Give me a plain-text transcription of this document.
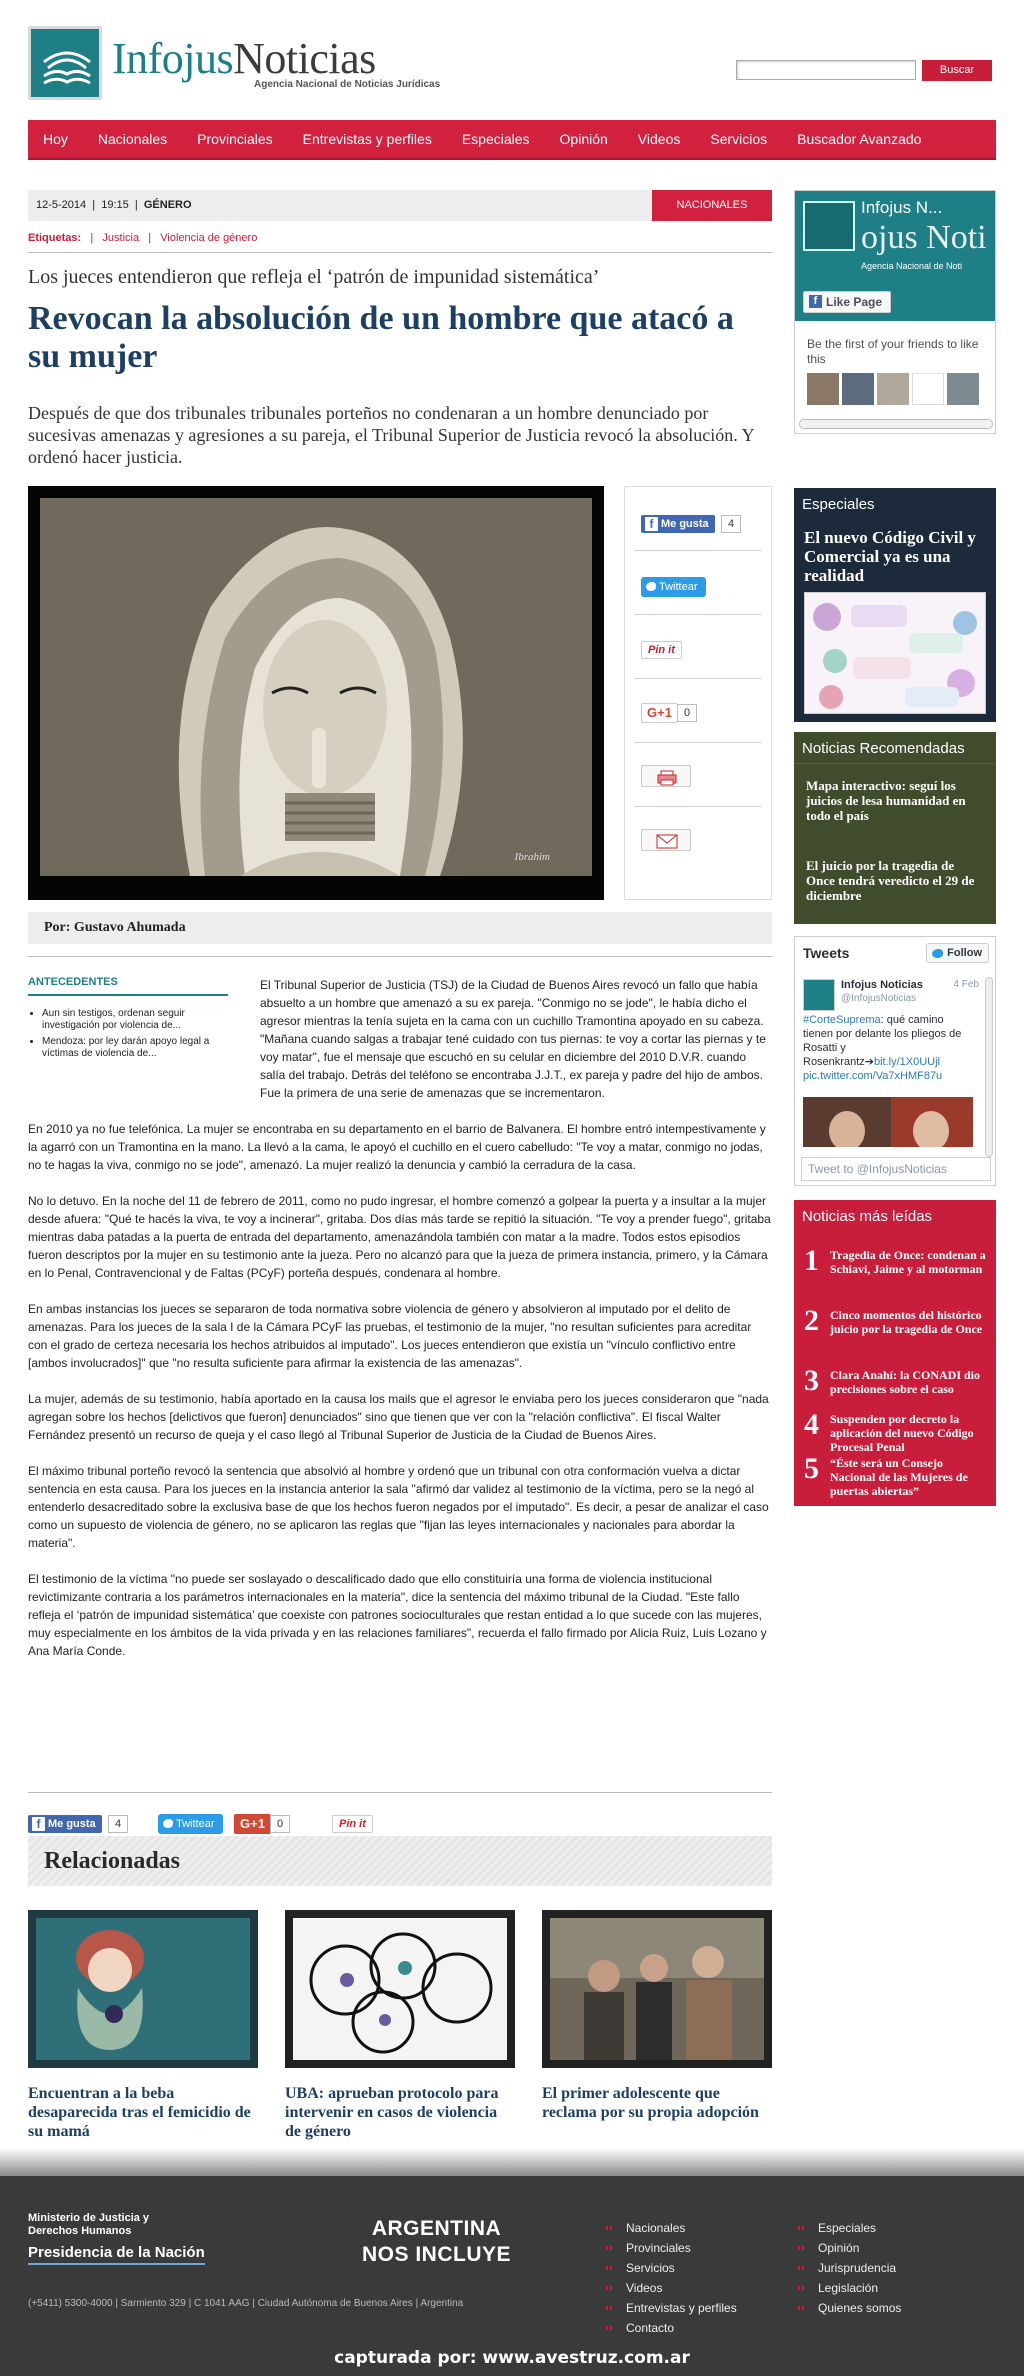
InfojusNoticias
Agencia Nacional de Noticias Jurídicas
Buscar
Hoy	Nacionales	Provinciales	Entrevistas y perfiles	Especiales	Opinión	Videos	Servicios	Buscador Avanzado
12-5-2014  |  19:15  |  GÉNERO	NACIONALES
Etiquetas:   |   Justicia   |   Violencia de género
Los jueces entendieron que refleja el ‘patrón de impunidad sistemática’
Revocan la absolución de un hombre que atacó a su mujer
Después de que dos tribunales tribunales porteños no condenaran a un hombre denunciado por sucesivas amenazas y agresiones a su pareja, el Tribunal Superior de Justicia revocó la absolución. Y ordenó hacer justicia.
Ibrahim
f Me gusta	4
Twittear
Pin it
G+1	0
Por: Gustavo Ahumada
ANTECEDENTES
• Aun sin testigos, ordenan seguir investigación por violencia de...
• Mendoza: por ley darán apoyo legal a víctimas de violencia de...

El Tribunal Superior de Justicia (TSJ) de la Ciudad de Buenos Aires revocó un fallo que había absuelto a un hombre que amenazó a su ex pareja. "Conmigo no se jode", le había dicho el agresor mientras la tenía sujeta en la cama con un cuchillo Tramontina apoyado en su cabeza. "Mañana cuando salgas a trabajar tené cuidado con tus piernas: te voy a cortar las piernas y te voy matar", fue el mensaje que escuchó en su celular en diciembre del 2010 D.V.R. cuando salía del trabajo. Detrás del teléfono se encontraba J.J.T., ex pareja y padre del hijo de ambos. Fue la primera de una serie de amenazas que se incrementaron.

En 2010 ya no fue telefónica. La mujer se encontraba en su departamento en el barrio de Balvanera. El hombre entró intempestivamente y la agarró con un Tramontina en la mano. La llevó a la cama, le apoyó el cuchillo en el cuero cabelludo: "Te voy a matar, conmigo no jodas, no te hagas la viva, conmigo no se jode", amenazó. La mujer realizó la denuncia y cambió la cerradura de la casa.

No lo detuvo. En la noche del 11 de febrero de 2011, como no pudo ingresar, el hombre comenzó a golpear la puerta y a insultar a la mujer desde afuera: "Qué te hacés la viva, te voy a incinerar", gritaba. Dos días más tarde se repitió la situación. "Te voy a prender fuego", gritaba mientras daba patadas a la puerta de entrada del departamento, amenazándola también con matar a la madre. Todos estos episodios fueron descriptos por la mujer en su testimonio ante la jueza. Pero no alcanzó para que la jueza de primera instancia, primero, y la Cámara en lo Penal, Contravencional y de Faltas (PCyF) porteña después, condenara al hombre.

En ambas instancias los jueces se separaron de toda normativa sobre violencia de género y absolvieron al imputado por el delito de amenazas. Para los jueces de la sala I de la Cámara PCyF las pruebas, el testimonio de la mujer, "no resultan suficientes para acreditar con el grado de certeza necesaria los hechos atribuidos al imputado". Los jueces entendieron que existía un "vínculo conflictivo entre [ambos involucrados]" que "no resulta suficiente para afirmar la existencia de las amenazas".

La mujer, además de su testimonio, había aportado en la causa los mails que el agresor le enviaba pero los jueces consideraron que "nada agregan sobre los hechos [delictivos que fueron] denunciados" sino que tienen que ver con la "relación conflictiva". El fiscal Walter Fernández presentó un recurso de queja y el caso llegó al Tribunal Superior de Justicia de la Ciudad de Buenos Aires.

El máximo tribunal porteño revocó la sentencia que absolvió al hombre y ordenó que un tribunal con otra conformación vuelva a dictar sentencia en esta causa. Para los jueces en la instancia anterior la sala "afirmó dar validez al testimonio de la víctima, pero se la negó al entenderlo desacreditado sobre la exclusiva base de que los hechos fueron negados por el imputado". Es decir, a pesar de analizar el caso como un supuesto de violencia de género, no se aplicaron las reglas que "fijan las leyes internacionales y nacionales para abordar la materia".

El testimonio de la víctima "no puede ser soslayado o descalificado dado que ello constituiría una forma de violencia institucional revictimizante contraria a los parámetros internacionales en la materia", dice la sentencia del máximo tribunal de la Ciudad. "Este fallo refleja el ‘patrón de impunidad sistemática’ que coexiste con patrones socioculturales que restan entidad a lo que sucede con las mujeres, muy especialmente en los ámbitos de la vida privada y en las relaciones familiares", recuerda el fallo firmado por Alicia Ruiz, Luis Lozano y Ana María Conde.

f Me gusta	4	Twittear	G+1	0	Pin it
Relacionadas
Encuentran a la beba desaparecida tras el femicidio de su mamá
UBA: aprueban protocolo para intervenir en casos de violencia de género
El primer adolescente que reclama por su propia adopción
Infojus N...
ojus Noti
Agencia Nacional de Noti
f Like Page
Be the first of your friends to like this
Especiales
El nuevo Código Civil y Comercial ya es una realidad
Noticias Recomendadas
Mapa interactivo: seguí los juicios de lesa humanidad en todo el país
El juicio por la tragedia de Once tendrá veredicto el 29 de diciembre
Tweets	Follow
Infojus Noticias
@InfojusNoticias
4 Feb
#CorteSuprema: qué camino tienen por delante los pliegos de Rosatti y Rosenkrantz➔bit.ly/1X0UUjl pic.twitter.com/Va7xHMF87u
Tweet to @InfojusNoticias
Noticias más leídas
1 Tragedia de Once: condenan a Schiavi, Jaime y al motorman
2 Cinco momentos del histórico juicio por la tragedia de Once
3 Clara Anahí: la CONADI dio precisiones sobre el caso
4 Suspenden por decreto la aplicación del nuevo Código Procesal Penal
5 “Éste será un Consejo Nacional de las Mujeres de puertas abiertas”
Ministerio de Justicia y Derechos Humanos
Presidencia de la Nación
ARGENTINA
NOS INCLUYE
(+5411) 5300-4000 | Sarmiento 329 | C 1041 AAG | Ciudad Autónoma de Buenos Aires | Argentina
Nacionales
Provinciales
Servicios
Videos
Entrevistas y perfiles
Contacto
Especiales
Opinión
Jurisprudencia
Legislación
Quienes somos
capturada por: www.avestruz.com.ar
